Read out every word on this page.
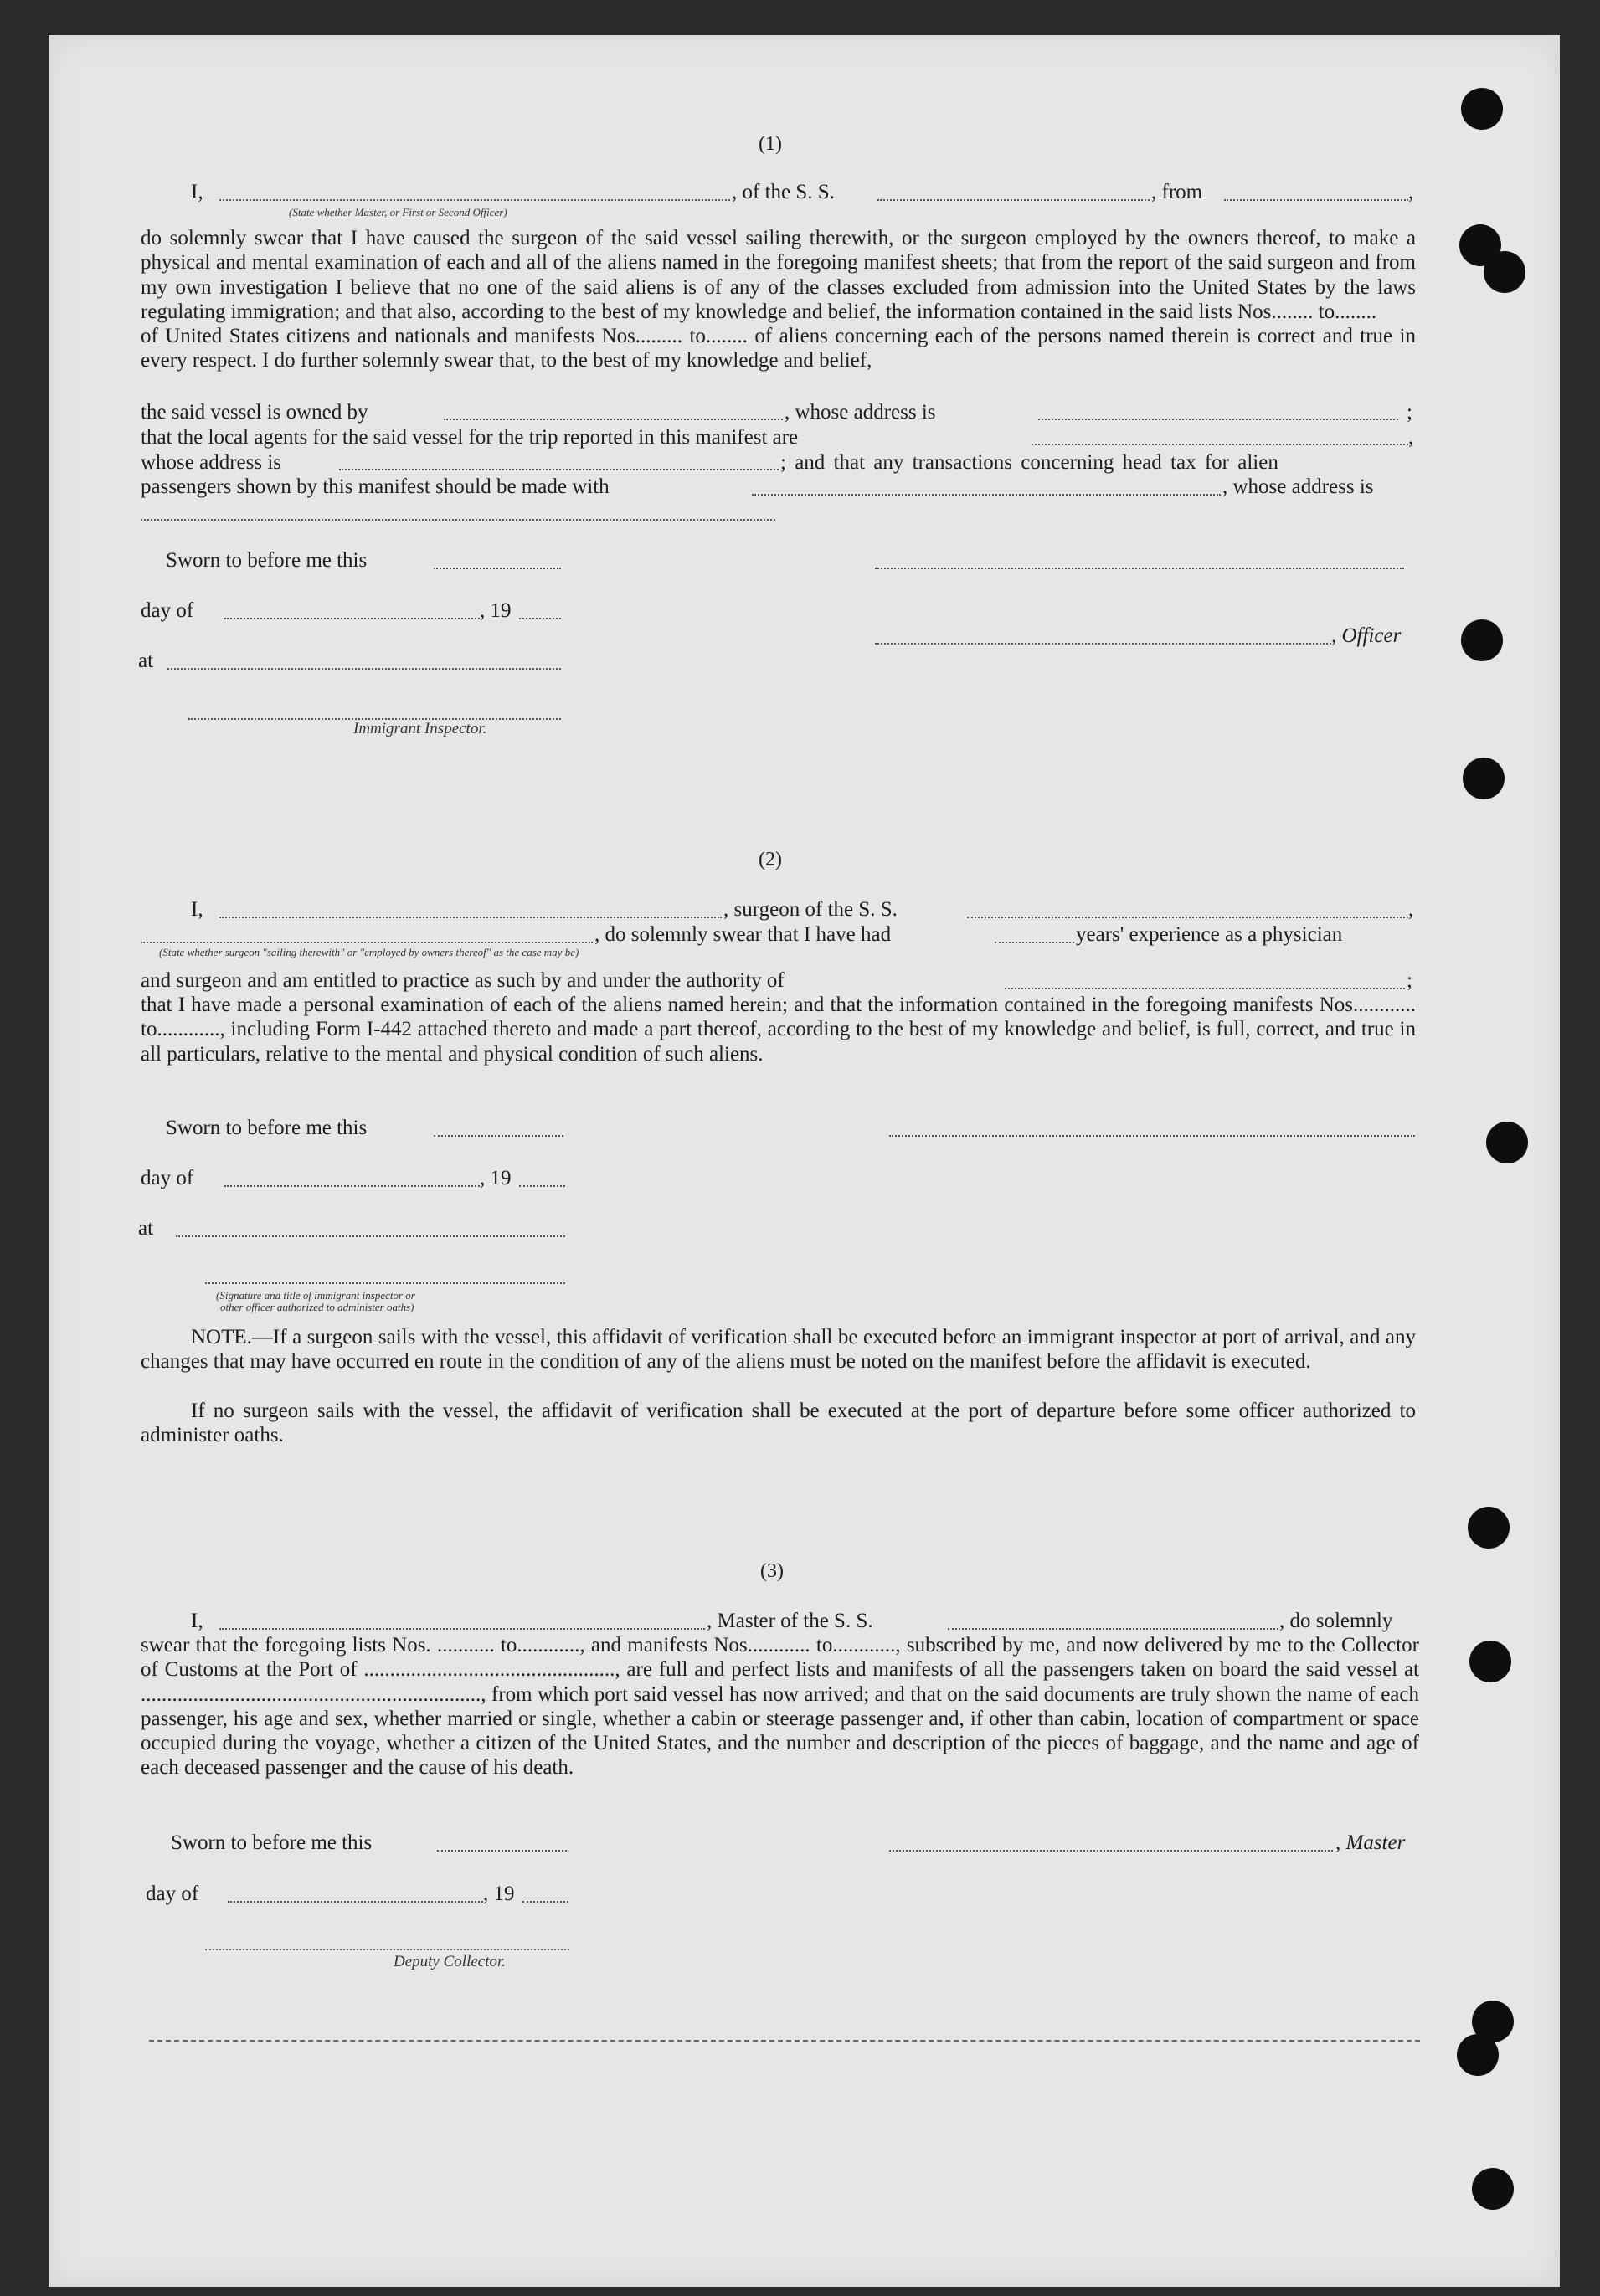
(1)
I,	, of the S. S.	, from	,
(State whether Master, or First or Second Officer)

do solemnly swear that I have caused the surgeon of the said vessel sailing therewith, or the surgeon employed by the owners thereof, to make a physical and mental examination of each and all of the aliens named in the foregoing manifest sheets; that from the report of the said surgeon and from my own investigation I believe that no one of the said aliens is of any of the classes excluded from admission into the United States by the laws regulating immigration; and that also, according to the best of my knowledge and belief, the information contained in the said lists Nos........ to........

of United States citizens and nationals and manifests Nos......... to........ of aliens concerning each of the persons named therein is correct and true in every respect. I do further solemnly swear that, to the best of my knowledge and belief,

the said vessel is owned by	, whose address is	;
that the local agents for the said vessel for the trip reported in this manifest are	,
whose address is	; and that any transactions concerning head tax for alien
passengers shown by this manifest should be made with	, whose address is
Sworn to before me this
day of	, 19
, Officer
at
Immigrant Inspector.
(2)
I,	, surgeon of the S. S.	,
, do solemnly swear that I have had	years' experience as a physician
(State whether surgeon "sailing therewith" or "employed by owners thereof" as the case may be)
and surgeon and am entitled to practice as such by and under the authority of	;
that I have made a personal examination of each of the aliens named herein; and that the information contained in the foregoing manifests Nos............ to............, including Form I-442 attached thereto and made a part thereof, according to the best of my knowledge and belief, is full, correct, and true in all particulars, relative to the mental and physical condition of such aliens.
Sworn to before me this
day of	, 19
at
(Signature and title of immigrant inspector or
other officer authorized to administer oaths)
NOTE.—If a surgeon sails with the vessel, this affidavit of verification shall be executed before an immigrant inspector at port of arrival, and any changes that may have occurred en route in the condition of any of the aliens must be noted on the manifest before the affidavit is executed.
If no surgeon sails with the vessel, the affidavit of verification shall be executed at the port of departure before some officer authorized to administer oaths.
(3)
I,	, Master of the S. S.	, do solemnly
swear that the foregoing lists Nos. ........... to............, and manifests Nos............ to............, subscribed by me, and now delivered by me to the Collector of Customs at the Port of ................................................, are full and perfect lists and manifests of all the passengers taken on board the said vessel at ................................................................., from which port said vessel has now arrived; and that on the said documents are truly shown the name of each passenger, his age and sex, whether married or single, whether a cabin or steerage passenger and, if other than cabin, location of compartment or space occupied during the voyage, whether a citizen of the United States, and the number and description of the pieces of baggage, and the name and age of each deceased passenger and the cause of his death.
Sworn to before me this	, Master
day of	, 19
Deputy Collector.
